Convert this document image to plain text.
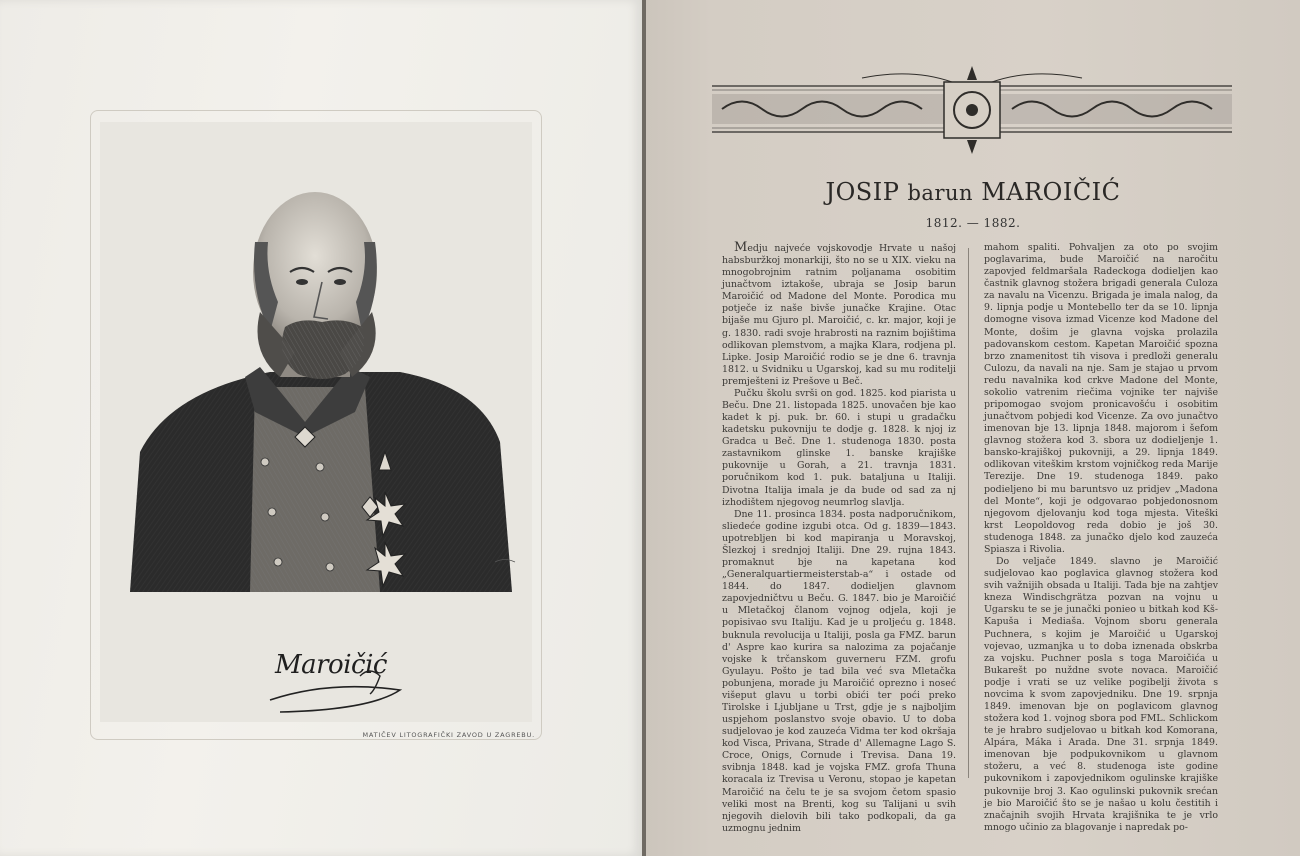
Maroičić
MATIČEV LITOGRAFIČKI ZAVOD U ZAGREBU.
JOSIP barun MAROIČIĆ
1812. — 1882.

Medju najveće vojskovodje Hrvate u našoj habsburžkoj monarkiji, što no se u XIX. vieku na mnogobrojnim ratnim poljanama osobitim junačtvom iztakoše, ubraja se Josip barun Maroičić od Madone del Monte. Porodica mu potječe iz naše bivše junačke Krajine. Otac bijaše mu Gjuro pl. Maroičić, c. kr. major, koji je g. 1830. radi svoje hrabrosti na raznim bojištima odlikovan plemstvom, a majka Klara, rodjena pl. Lipke. Josip Maroičić rodio se je dne 6. travnja 1812. u Svidniku u Ugarskoj, kad su mu roditelji premješteni iz Prešove u Beč.

Pučku školu svrši on god. 1825. kod piarista u Beču. Dne 21. listopada 1825. unovačen bje kao kadet k pj. puk. br. 60. i stupi u gradačku kadetsku pukovniju te dodje g. 1828. k njoj iz Gradca u Beč. Dne 1. studenoga 1830. posta zastavnikom glinske 1. banske krajiške pukovnije u Gorah, a 21. travnja 1831. poručnikom kod 1. puk. bataljuna u Italiji. Divotna Italija imala je da bude od sad za nj izhodištem njegovog neumrlog slavlja.

Dne 11. prosinca 1834. posta nadporučnikom, sliedeće godine izgubi otca. Od g. 1839—1843. upotrebljen bi kod mapiranja u Moravskoj, Šlezkoj i srednjoj Italiji. Dne 29. rujna 1843. promaknut bje na kapetana kod „Generalquartiermeisterstab-a“ i ostade od 1844. do 1847. dodieljen glavnom zapovjedničtvu u Beču. G. 1847. bio je Maroičić u Mletačkoj članom vojnog odjela, koji je popisivao svu Italiju. Kad je u proljeću g. 1848. buknula revolucija u Italiji, posla ga FMZ. barun d' Aspre kao kurira sa nalozima za pojačanje vojske k trčanskom guverneru FZM. grofu Gyulayu. Pošto je tad bila već sva Mletačka pobunjena, morade ju Maroičić oprezno i noseć višeput glavu u torbi obići ter poći preko Tirolske i Ljubljane u Trst, gdje je s najboljim uspjehom poslanstvo svoje obavio. U to doba sudjelovao je kod zauzeća Vidma ter kod okršaja kod Visca, Privana, Strade d' Allemagne Lago S. Croce, Onigs, Cornude i Trevisa. Dana 19. svibnja 1848. kad je vojska FMZ. grofa Thuna koracala iz Trevisa u Veronu, stopao je kapetan Maroičić na čelu te je sa svojom četom spasio veliki most na Brenti, kog su Talijani u svih njegovih dielovih bili tako podkopali, da ga uzmognu jednim

mahom spaliti. Pohvaljen za oto po svojim poglavarima, bude Maroičić na naročitu zapovjed feldmaršala Radeckoga dodieljen kao častnik glavnog stožera brigadi generala Culoza za navalu na Vicenzu. Brigada je imala nalog, da 9. lipnja podje u Montebello ter da se 10. lipnja domogne visova izmad Vicenze kod Madone del Monte, došim je glavna vojska prolazila padovanskom cestom. Kapetan Maroičić spozna brzo znamenitost tih visova i predloži generalu Culozu, da navali na nje. Sam je stajao u prvom redu navalnika kod crkve Madone del Monte, sokolio vatrenim riečima vojnike ter najviše pripomogao svojom pronicavošću i osobitim junačtvom pobjedi kod Vicenze. Za ovo junačtvo imenovan bje 13. lipnja 1848. majorom i šefom glavnog stožera kod 3. sbora uz dodieljenje 1. bansko-krajiškoj pukovniji, a 29. lipnja 1849. odlikovan viteškim krstom vojničkog reda Marije Terezije. Dne 19. studenoga 1849. pako podieljeno bi mu baruntsvo uz pridjev „Madona del Monte“, koji je odgovarao pobjedonosnom njegovom djelovanju kod toga mjesta. Viteški krst Leopoldovog reda dobio je još 30. studenoga 1848. za junačko djelo kod zauzeća Spiasza i Rivolia.

Do veljače 1849. slavno je Maroičić sudjelovao kao poglavica glavnog stožera kod svih važnijih obsada u Italiji. Tada bje na zahtjev kneza Windischgrätza pozvan na vojnu u Ugarsku te se je junački ponieo u bitkah kod Kš-Kapuša i Mediaša. Vojnom sboru generala Puchnera, s kojim je Maroičić u Ugarskoj vojevao, uzmanjka u to doba iznenada obskrba za vojsku. Puchner posla s toga Maroičića u Bukarešt po nuždne svote novaca. Maroičić podje i vrati se uz velike pogibelji života s novcima k svom zapovjedniku. Dne 19. srpnja 1849. imenovan bje on poglavicom glavnog stožera kod 1. vojnog sbora pod FML. Schlickom te je hrabro sudjelovao u bitkah kod Komorana, Alpára, Máka i Arada. Dne 31. srpnja 1849. imenovan bje podpukovnikom u glavnom stožeru, a već 8. studenoga iste godine pukovnikom i zapovjednikom ogulinske krajiške pukovnije broj 3. Kao ogulinski pukovnik srećan je bio Maroičić što se je našao u kolu čestitih i značajnih svojih Hrvata krajišnika te je vrlo mnogo učinio za blagovanje i napredak po-
